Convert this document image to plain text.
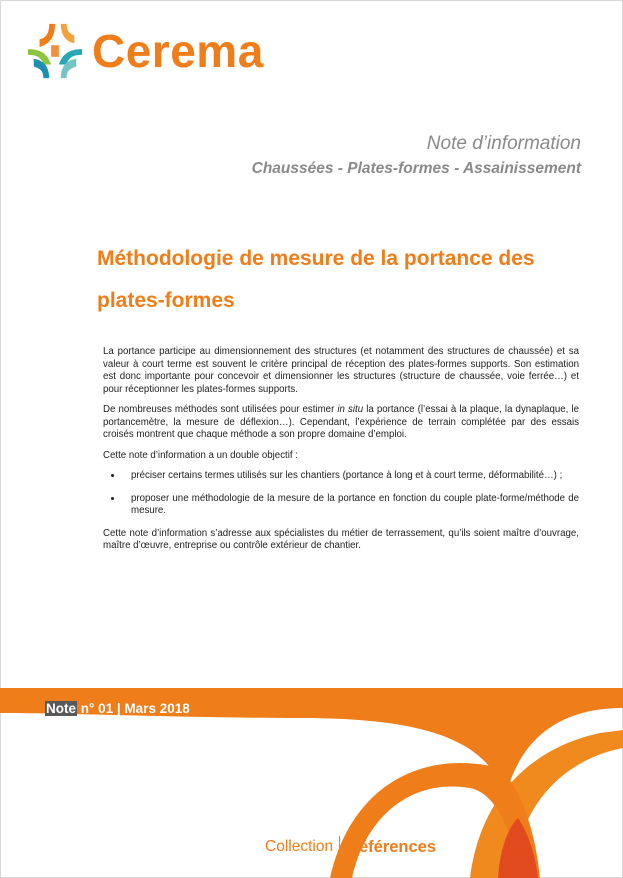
Cerema
Note d’information
Chaussées - Plates-formes - Assainissement
Méthodologie de mesure de la portance des
plates-formes

La portance participe au dimensionnement des structures (et notamment des structures de chaussée) et sa valeur à court terme est souvent le critère principal de réception des plates-formes supports. Son estimation est donc importante pour concevoir et dimensionner les structures (structure de chaussée, voie ferrée…) et pour réceptionner les plates-formes supports.

De nombreuses méthodes sont utilisées pour estimer in situ la portance (l’essai à la plaque, la dynaplaque, le portancemètre, la mesure de déflexion…). Cependant, l’expérience de terrain complétée par des essais croisés montrent que chaque méthode a son propre domaine d’emploi.

Cette note d’information a un double objectif :

• préciser certains termes utilisés sur les chantiers (portance à long et à court terme, déformabilité…) ;
• proposer une méthodologie de la mesure de la portance en fonction du couple plate-forme/méthode de mesure.

Cette note d’information s’adresse aux spécialistes du métier de terrassement, qu’ils soient maître d’ouvrage, maître d’œuvre, entreprise ou contrôle extérieur de chantier.

Note n° 01 | Mars 2018
Collection Références
